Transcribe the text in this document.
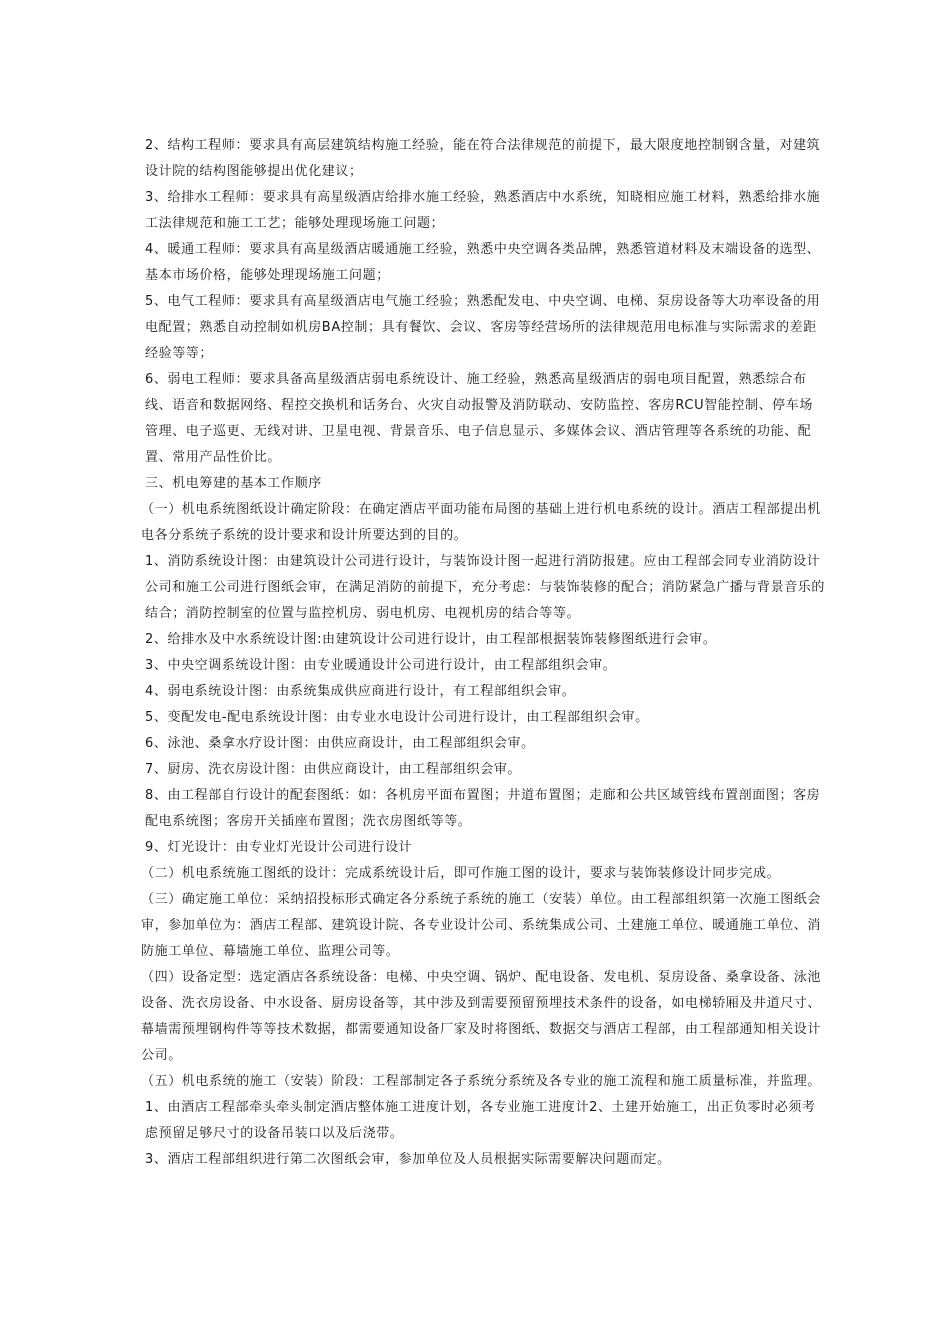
2、结构工程师：要求具有高层建筑结构施工经验，能在符合法律规范的前提下，最大限度地控制钢含量，对建筑设计院的结构图能够提出优化建议；

3、给排水工程师：要求具有高星级酒店给排水施工经验，熟悉酒店中水系统，知晓相应施工材料，熟悉给排水施工法律规范和施工工艺；能够处理现场施工问题；

4、暖通工程师：要求具有高星级酒店暖通施工经验，熟悉中央空调各类品牌，熟悉管道材料及末端设备的选型、基本市场价格，能够处理现场施工问题；

5、电气工程师：要求具有高星级酒店电气施工经验；熟悉配发电、中央空调、电梯、泵房设备等大功率设备的用电配置；熟悉自动控制如机房BA控制；具有餐饮、会议、客房等经营场所的法律规范用电标准与实际需求的差距经验等等；

6、弱电工程师：要求具备高星级酒店弱电系统设计、施工经验，熟悉高星级酒店的弱电项目配置，熟悉综合布线、语音和数据网络、程控交换机和话务台、火灾自动报警及消防联动、安防监控、客房RCU智能控制、停车场管理、电子巡更、无线对讲、卫星电视、背景音乐、电子信息显示、多媒体会议、酒店管理等各系统的功能、配置、常用产品性价比。

三、机电筹建的基本工作顺序

（一）机电系统图纸设计确定阶段：在确定酒店平面功能布局图的基础上进行机电系统的设计。酒店工程部提出机电各分系统子系统的设计要求和设计所要达到的目的。

1、消防系统设计图：由建筑设计公司进行设计，与装饰设计图一起进行消防报建。应由工程部会同专业消防设计公司和施工公司进行图纸会审，在满足消防的前提下，充分考虑：与装饰装修的配合；消防紧急广播与背景音乐的结合；消防控制室的位置与监控机房、弱电机房、电视机房的结合等等。

2、给排水及中水系统设计图:由建筑设计公司进行设计，由工程部根据装饰装修图纸进行会审。

3、中央空调系统设计图：由专业暖通设计公司进行设计，由工程部组织会审。

4、弱电系统设计图：由系统集成供应商进行设计，有工程部组织会审。

5、变配发电-配电系统设计图：由专业水电设计公司进行设计，由工程部组织会审。

6、泳池、桑拿水疗设计图：由供应商设计，由工程部组织会审。

7、厨房、洗衣房设计图：由供应商设计，由工程部组织会审。

8、由工程部自行设计的配套图纸：如：各机房平面布置图；井道布置图；走廊和公共区域管线布置剖面图；客房配电系统图；客房开关插座布置图；洗衣房图纸等等。

9、灯光设计：由专业灯光设计公司进行设计

（二）机电系统施工图纸的设计：完成系统设计后，即可作施工图的设计，要求与装饰装修设计同步完成。

（三）确定施工单位：采纳招投标形式确定各分系统子系统的施工（安装）单位。由工程部组织第一次施工图纸会审，参加单位为：酒店工程部、建筑设计院、各专业设计公司、系统集成公司、土建施工单位、暖通施工单位、消防施工单位、幕墙施工单位、监理公司等。

（四）设备定型：选定酒店各系统设备：电梯、中央空调、锅炉、配电设备、发电机、泵房设备、桑拿设备、泳池设备、洗衣房设备、中水设备、厨房设备等，其中涉及到需要预留预埋技术条件的设备，如电梯轿厢及井道尺寸、幕墙需预埋钢构件等等技术数据，都需要通知设备厂家及时将图纸、数据交与酒店工程部，由工程部通知相关设计公司。

（五）机电系统的施工（安装）阶段：工程部制定各子系统分系统及各专业的施工流程和施工质量标准，并监理。

1、由酒店工程部牵头牵头制定酒店整体施工进度计划，各专业施工进度计2、土建开始施工，出正负零时必须考虑预留足够尺寸的设备吊装口以及后浇带。

3、酒店工程部组织进行第二次图纸会审，参加单位及人员根据实际需要解决问题而定。
